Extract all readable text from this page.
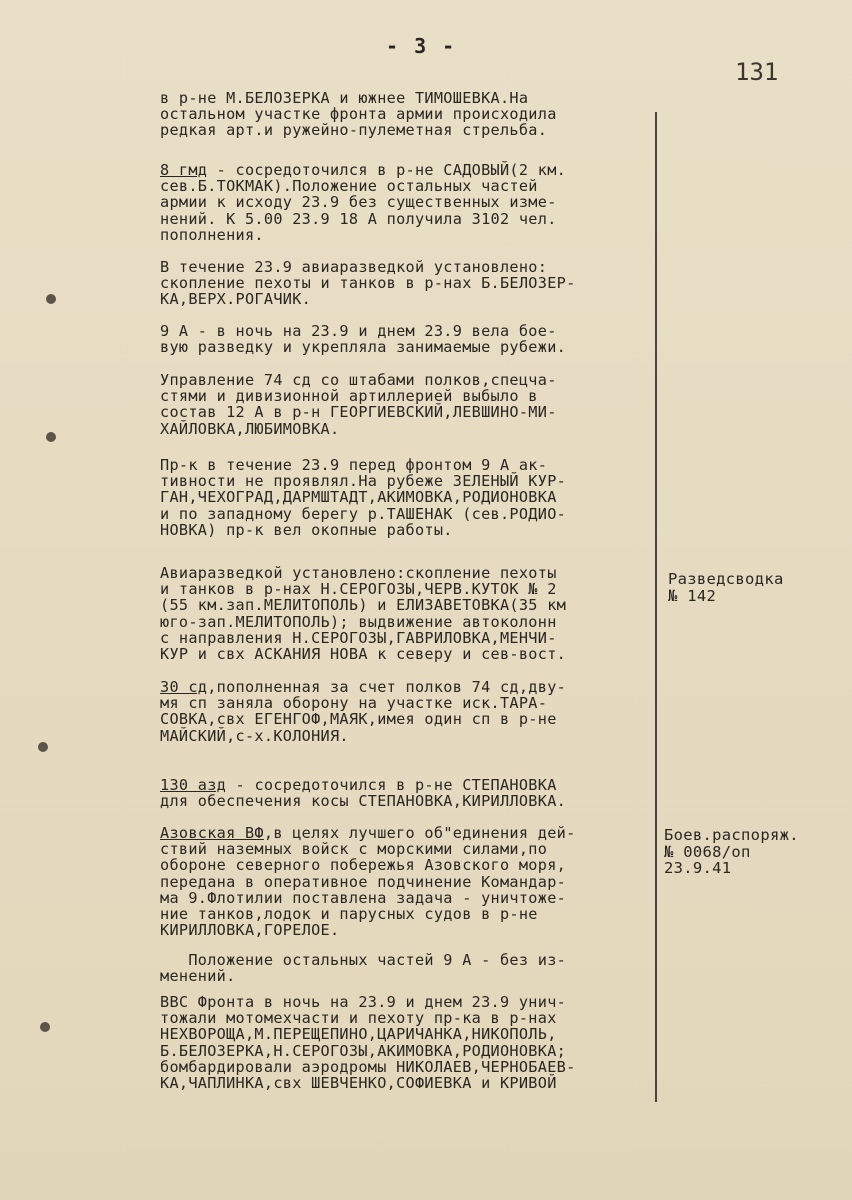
- 3 -
131
в р-не М.БЕЛОЗЕРКА и южнее ТИМОШЕВКА.На
остальном участке фронта армии происходила
редкая арт.и ружейно-пулеметная стрельба.
8 гмд - сосредоточился в р-не САДОВЫЙ(2 км.
сев.Б.ТОКМАК).Положение остальных частей
армии к исходу 23.9 без существенных изме-
нений. К 5.00 23.9 18 А получила 3102 чел.
пополнения.
В течение 23.9 авиаразведкой установлено:
скопление пехоты и танков в р-нах Б.БЕЛОЗЕР-
КА,ВЕРХ.РОГАЧИК.
9 А - в ночь на 23.9 и днем 23.9 вела бое-
вую разведку и укрепляла занимаемые рубежи.
Управление 74 сд со штабами полков,спецча-
стями и дивизионной артиллерией выбыло в
состав 12 А в р-н ГЕОРГИЕВСКИЙ,ЛЕВШИНО-МИ-
ХАЙЛОВКА,ЛЮБИМОВКА.
Пр-к в течение 23.9 перед фронтом 9 А ак-
тивности не проявлял.На рубеже ЗЕЛЕНЫЙ КУР-
ГАН,ЧЕХОГРАД,ДАРМШТАДТ,АКИМОВКА,РОДИОНОВКА
и по западному берегу р.ТАШЕНАК (сев.РОДИО-
НОВКА) пр-к вел окопные работы.
Авиаразведкой установлено:скопление пехоты
и танков в р-нах Н.СЕРОГОЗЫ,ЧЕРВ.КУТОК № 2
(55 км.зап.МЕЛИТОПОЛЬ) и ЕЛИЗАВЕТОВКА(35 км
юго-зап.МЕЛИТОПОЛЬ); выдвижение автоколонн
с направления Н.СЕРОГОЗЫ,ГАВРИЛОВКА,МЕНЧИ-
КУР и свх АСКАНИЯ НОВА к северу и сев-вост.
30 сд,пополненная за счет полков 74 сд,дву-
мя сп заняла оборону на участке иск.ТАРА-
СОВКА,свх ЕГЕНГОФ,МАЯК,имея один сп в р-не
МАЙСКИЙ,с-х.КОЛОНИЯ.
130 азд - сосредоточился в р-не СТЕПАНОВКА
для обеспечения косы СТЕПАНОВКА,КИРИЛЛОВКА.
Азовская ВФ,в целях лучшего об"единения дей-
ствий наземных войск с морскими силами,по
обороне северного побережья Азовского моря,
передана в оперативное подчинение Командар-
ма 9.Флотилии поставлена задача - уничтоже-
ние танков,лодок и парусных судов в р-не
КИРИЛЛОВКА,ГОРЕЛОЕ.
Положение остальных частей 9 А - без из-
менений.
ВВС Фронта в ночь на 23.9 и днем 23.9 унич-
тожали мотомехчасти и пехоту пр-ка в р-нах
НЕХВОРОЩА,М.ПЕРЕЩЕПИНО,ЦАРИЧАНКА,НИКОПОЛЬ,
Б.БЕЛОЗЕРКА,Н.СЕРОГОЗЫ,АКИМОВКА,РОДИОНОВКА;
бомбардировали аэродромы НИКОЛАЕВ,ЧЕРНОБАЕВ-
КА,ЧАПЛИНКА,свх ШЕВЧЕНКО,СОФИЕВКА и КРИВОЙ
Разведсводка
№ 142
Боев.распоряж.
№ 0068/оп
23.9.41
